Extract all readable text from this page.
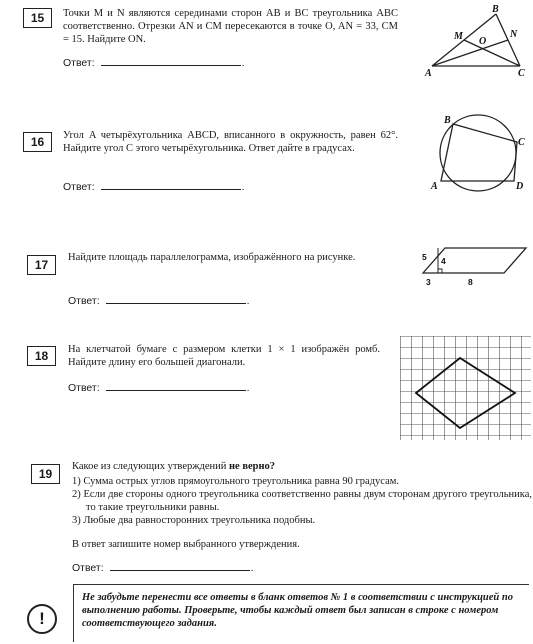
15	Точки M и N являются серединами сторон AB и BC треугольника ABC соответственно. Отрезки AN и CM пересекаются в точке O, AN = 33, CM = 15. Найдите ON.
Ответ:	.
B
M	N
O
A	C
16	Угол A четырёхугольника ABCD, вписанного в окружность, равен 62°. Найдите угол C этого четырёхугольника. Ответ дайте в градусах.
Ответ:	.
B
C
A	D
17
Найдите площадь параллелограмма, изображённого на рисунке.
Ответ:	.
5 4
3	8
18	На клетчатой бумаге с размером клетки 1 × 1 изображён ромб. Найдите длину его большей диагонали.
Ответ:	.
19
Какое из следующих утверждений не верно?
1) Сумма острых углов прямоугольного треугольника равна 90 градусам.
2) Если две стороны одного треугольника соответственно равны двум сторонам другого треугольника, то такие треугольники равны.
3) Любые два равносторонних треугольника подобны.
В ответ запишите номер выбранного утверждения.
Ответ:	.
!
Не забудьте перенести все ответы в бланк ответов № 1 в соответствии с инструкцией по выполнению работы. Проверьте, чтобы каждый ответ был записан в строке с номером соответствующего задания.
